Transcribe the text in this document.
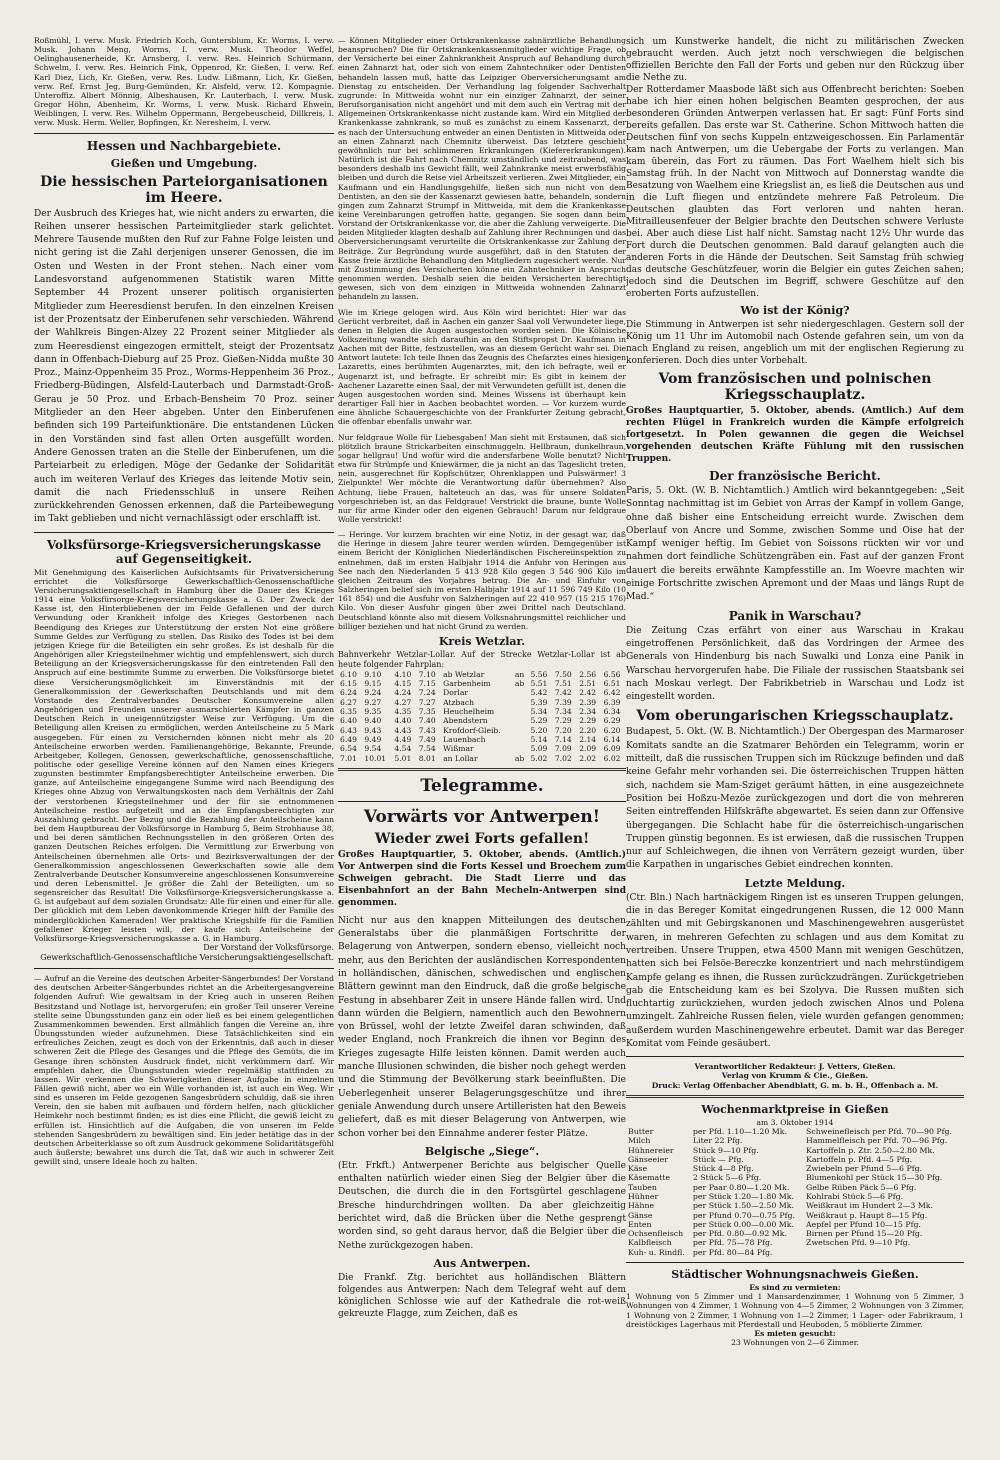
Roßmühl, I. verw. Musk. Friedrich Koch, Guntersblum, Kr. Worms, I. verw. Musk. Johann Meng, Worms, I. verw. Musk. Theodor Weffel, Oelinghausenerheide, Kr. Arnsberg, I. verw. Res. Heinrich Schürmann, Schwelm, I. verw. Res. Heinrich Fink, Oppenrod, Kr. Gießen, I. verw. Ref. Karl Diez, Lich, Kr. Gießen, verw. Res. Ludw. Lißmann, Lich, Kr. Gießen, verw. Ref. Ernst Jeg, Burg-Gemünden, Kr. Alsfeld, verw. 12. Kompagnie. Unteroffiz. Albert Mönnig, Albeshausen, Kr. Lauterbach, I. verw. Musk. Gregor Höhn, Abenheim, Kr. Worms, I. verw. Musk. Richard Ehwein, Weiblingen, I. verw. Res. Wilhelm Oppermann, Bergebeuscheid, Dillkreis, I. verw. Musk. Herm. Weller, Bopfingen, Kr. Neresheim, I. verw.

Hessen und Nachbargebiete.
Gießen und Umgebung.
Die hessischen Parteiorganisationen im Heere.

Der Ausbruch des Krieges hat, wie nicht anders zu erwarten, die Reihen unserer hessischen Parteimitglieder stark gelichtet. Mehrere Tausende mußten den Ruf zur Fahne Folge leisten und nicht gering ist die Zahl derjenigen unserer Genossen, die im Osten und Westen in der Front stehen. Nach einer vom Landesvorstand aufgenommenen Statistik waren Mitte September 44 Prozent unserer politisch organisierten Mitglieder zum Heeresdienst berufen. In den einzelnen Kreisen ist der Prozentsatz der Einberufenen sehr verschieden. Während der Wahlkreis Bingen-Alzey 22 Prozent seiner Mitglieder als zum Heeresdienst eingezogen ermittelt, steigt der Prozentsatz dann in Offenbach-Dieburg auf 25 Proz. Gießen-Nidda mußte 30 Proz., Mainz-Oppenheim 35 Proz., Worms-Heppenheim 36 Proz., Friedberg-Büdingen, Alsfeld-Lauterbach und Darmstadt-Groß-Gerau je 50 Proz. und Erbach-Bensheim 70 Proz. seiner Mitglieder an den Heer abgeben. Unter den Einberufenen befinden sich 199 Parteifunktionäre. Die entstandenen Lücken in den Vorständen sind fast allen Orten ausgefüllt worden. Andere Genossen traten an die Stelle der Einberufenen, um die Parteiarbeit zu erledigen. Möge der Gedanke der Solidarität auch im weiteren Verlauf des Krieges das leitende Motiv sein, damit die nach Friedensschluß in unsere Reihen zurückkehrenden Genossen erkennen, daß die Parteibewegung im Takt geblieben und nicht vernachlässigt oder erschlafft ist.

Volksfürsorge-Kriegsversicherungskasse auf Gegenseitigkeit.

Mit Genehmigung des Kaiserlichen Aufsichtsamts für Privatversicherung errichtet die Volksfürsorge Gewerkschaftlich-Genossenschaftliche Versicherungsaktiengesellschaft in Hamburg über die Dauer des Krieges 1914 eine Volksfürsorge-Kriegsversicherungskasse a. G. Der Zweck der Kasse ist, den Hinterbliebenen der im Felde Gefallenen und der durch Verwundung oder Krankheit infolge des Krieges Gestorbenen nach Beendigung des Krieges zur Unterstützung der ersten Not eine größere Summe Geldes zur Verfügung zu stellen. Das Risiko des Todes ist bei dem jetzigen Kriege für die Beteiligten ein sehr großes. Es ist deshalb für die Angehörigen aller Kriegsteilnehmer wichtig und empfehlenswert, sich durch Beteiligung an der Kriegsversicherungskasse für den eintretenden Fall den Anspruch auf eine bestimmte Summe zu erwerben. Die Volksfürsorge bietet diese Versicherungsmöglichkeit im Einverständnis mit der Generalkommission der Gewerkschaften Deutschlands und mit dem Vorstande des Zentralverbandes Deutscher Konsumvereine allen Angehörigen und Freunden unserer ausmarschierten Kämpfer in ganzen Deutschen Reich in uneigennützigster Weise zur Verfügung. Um die Beteiligung allen Kreisen zu ermöglichen, werden Anteilscheine zu 5 Mark ausgegeben. Für einen zu Versichernden können nicht mehr als 20 Anteilscheine erworben werden. Familienangehörige, Bekannte, Freunde, Arbeitgeber, Kollegen, Genossen, gewerkschaftliche, genossenschaftliche, politische oder gesellige Vereine können auf den Namen eines Kriegers zugunsten bestimmter Empfangsberechtigter Anteilscheine erwerben. Die ganze, auf Anteilscheine eingegangene Summe wird nach Beendigung des Krieges ohne Abzug von Verwaltungskosten nach dem Verhältnis der Zahl der verstorbenen Kriegsteilnehmer und der für sie entnommenen Anteilscheine restlos aufgeteilt und an die Empfangsberechtigten zur Auszahlung gebracht. Der Bezug und die Bezahlung der Anteilscheine kann bei dem Hauptbureau der Volksfürsorge in Hamburg 5, Beim Strohhause 38, und bei deren sämtlichen Rechnungsstellen in den größeren Orten des ganzen Deutschen Reiches erfolgen. Die Vermittlung zur Erwerbung von Anteilscheinen übernehmen alle Orts- und Bezirksverwaltungen der der Generalkommission angeschlossenen Gewerkschaften sowie alle dem Zentralverbande Deutscher Konsumvereine angeschlossenen Konsumvereine und deren Lebensmittel. Je größer die Zahl der Beteiligten, um so segensreicher das Resultat! Die Volksfürsorge-Kriegsversicherungskasse a. G. ist aufgebaut auf dem sozialen Grundsatz: Alle für einen und einer für alle. Der glücklich mit dem Leben davonkommende Krieger hilft der Familie des minderglücklichen Kameraden! Wer praktische Kriegshilfe für die Familien gefallener Krieger leisten will, der kaufe sich Anteilscheine der Volksfürsorge-Kriegsversicherungskasse a. G. in Hamburg.

Der Vorstand der Volksfürsorge.
Gewerkschaftlich-Genossenschaftliche Versicherungsaktiengesellschaft.

— Aufruf an die Vereine des deutschen Arbeiter-Sängerbundes! Der Vorstand des deutschen Arbeiter-Sängerbundes richtet an die Arbeitergesangvereine folgenden Aufruf: Wie gewaltsam in der Krieg auch in unseren Reihen Besitzstand und Notlage ist, hervorgerufen; ein großer Teil unserer Vereine stellte seine Übungsstunden ganz ein oder ließ es bei einem gelegentlichen Zusammenkommen bewenden. Erst allmählich fangen die Vereine an, ihre Übungsstunden wieder aufzunehmen. Diese Tatsächlichkeiten sind ein erfreuliches Zeichen, zeugt es doch von der Erkenntnis, daß auch in dieser schweren Zeit die Pflege des Gesanges und die Pflege des Gemüts, die im Gesange ihren schönsten Ausdruck findet, nicht verkümmern darf. Wir empfehlen daher, die Übungsstunden wieder regelmäßig stattfinden zu lassen. Wir verkennen die Schwierigkeiten dieser Aufgabe in einzelnen Fällen gewiß nicht, aber wo ein Wille vorhanden ist, ist auch ein Weg. Wir sind es unseren im Felde gezogenen Sangesbrüdern schuldig, daß sie ihren Verein, den sie haben mit aufbauen und fördern helfen, nach glücklicher Heimkehr noch bestimmt finden; es ist dies eine Pflicht, die gewiß leicht zu erfüllen ist. Hinsichtlich auf die Aufgaben, die von unseren im Felde stehenden Sangesbrüdern zu bewältigen sind. Ein jeder betätige das in der deutschen Arbeiterklasse so oft zum Ausdruck gekommene Solidaritätsgefühl auch äußerste; bewahret uns durch die Tat, daß wir auch in schwerer Zeit gewillt sind, unsere Ideale hoch zu halten.

— Können Mitglieder einer Ortskrankenkasse zahnärztliche Behandlung beanspruchen? Die für Ortskrankenkassenmitglieder wichtige Frage, ob der Versicherte bei einer Zahnkrankheit Anspruch auf Behandlung durch einen Zahnarzt hat, oder sich von einem Zahntechniker oder Dentisten behandeln lassen muß, hatte das Leipziger Oberversicherungsamt am Dienstag zu entscheiden. Der Verhandlung lag folgender Sachverhalt zugrunde: In Mittweida wohnt nur ein einziger Zahnarzt, der seiner Berufsorganisation nicht angehört und mit dem auch ein Vertrag mit der Allgemeinen Ortskrankenkasse nicht zustande kam. Wird ein Mitglied der Krankenkasse zahnkrank, so muß es zunächst zu einem Kassenarzt, der es nach der Untersuchung entweder an einen Dentisten in Mittweida oder an einen Zahnarzt nach Chemnitz überweist. Das letztere geschieht gewöhnlich nur bei schlimmeren Erkrankungen (Kiefererkrankungen). Natürlich ist die Fahrt nach Chemnitz umständlich und zeitraubend, was besonders deshalb ins Gewicht fällt, weil Zahnkranke meist erwerbsfähig bleiben und durch die Reise viel Arbeitszeit verlieren. Zwei Mitglieder, ein Kaufmann und ein Handlungsgehilfe, ließen sich nun nicht von dem Dentisten, an den sie der Kassenarzt gewiesen hatte, behandeln, sondern gingen zum Zahnarzt Strumpf in Mittweida, mit dem die Krankenkasse keine Vereinbarungen getroffen hatte, gegangen. Sie sogen dann beim Vorstand der Ortskrankenkasse vor, die aber die Zahlung verweigerte. Die beiden Mitglieder klagten deshalb auf Zahlung ihrer Rechnungen und das Oberversicherungsamt verurteilte die Ortskrankenkasse zur Zahlung der Beiträge. Zur Begründung wurde ausgeführt, daß in den Statuten der Kasse freie ärztliche Behandlung den Mitgliedern zugesichert werde. Nur mit Zustimmung des Versicherten könne ein Zahntechniker in Anspruch genommen werden. Deshalb seien die beiden Versicherten berechtigt gewesen, sich von dem einzigen in Mittweida wohnenden Zahnarzt behandeln zu lassen.

Wie im Kriege gelogen wird. Aus Köln wird berichtet: Hier war das Gerücht verbreitet, daß in Aachen ein ganzer Saal voll Verwundeter liege, denen in Belgien die Augen ausgestochen worden seien. Die Kölnische Volkszeitung wandte sich daraufhin an den Stiftspropst Dr. Kaufmann in Aachen mit der Bitte, festzustellen, was an diesem Gerücht wahr sei. Die Antwort lautete: Ich teile Ihnen das Zeugnis des Chefarztes eines hiesigen Lazaretts, eines berühmten Augenarztes, mit, den ich befragte, weil er Augenarzt ist, und befragte. Er schreibt mir: Es gibt in keinem der Aachener Lazarette einen Saal, der mit Verwundeten gefüllt ist, denen die Augen ausgestochen worden sind. Meines Wissens ist überhaupt kein derartiger Fall hier in Aachen beobachtet worden. — Vor kurzem wurde eine ähnliche Schauergeschichte von der Frankfurter Zeitung gebracht, die offenbar ebenfalls unwahr war.

Nur feldgraue Wolle für Liebesgaben! Man sieht mit Erstaunen, daß sich plötzlich braune Strickarbeiten einschmuggeln. Hellbraun, dunkelbraun, sogar hellgrau! Und wofür wird die andersfarbene Wolle benutzt? Nicht etwa für Strümpfe und Kniewärmer, die ja nicht an das Tageslicht treten, nein, ausgerechnet für Kopfschützer, Ohrenklappen und Pulswärmer! 3 Zielpunkte! Wer möchte die Verantwortung dafür übernehmen? Also Achtung, liebe Frauen, halteteuch an das, was für unsere Soldaten vorgeschrieben ist, an das Feldgraue! Verstrickt die braune, bunte Wolle nur für arme Kinder oder den eigenen Gebrauch! Darum nur feldgraue Wolle verstrickt!

— Heringe. Vor kurzem brachten wir eine Notiz, in der gesagt war, daß die Heringe in diesem Jahre teurer werden würden. Demgegenüber ist einem Bericht der Königlichen Niederländischen Fischereiinspektion zu entnehmen, daß im ersten Halbjahr 1914 die Anfuhr von Heringen aus See nach den Niederlanden 5 413 928 Kilo gegen 3 546 906 Kilo im gleichen Zeitraum des Vorjahres betrug. Die An- und Einfuhr von Salzheringen belief sich im ersten Halbjahr 1914 auf 11 596 749 Kilo (10 161 854) und die Ausfuhr von Salzheringen auf 22 410 957 (15 215 176) Kilo. Von dieser Ausfuhr gingen über zwei Drittel nach Deutschland. Deutschland könnte also mit diesem Volksnahrungsmittel reichlicher und billiger beziehen und hat nicht Grund zu werden.

Kreis Wetzlar.

Bahnverkehr Wetzlar-Lollar. Auf der Strecke Wetzlar-Lollar ist ab heute folgender Fahrplan:

6.10	9.10	4.10	7.10	ab Wetzlar	an	5.56	7.50	2.56	6.56
6.15	9.15	4.15	7.15	Garbenheim	ab	5.51	7.51	2.51	6.51
6.24	9.24	4.24	7.24	Dorlar		5.42	7.42	2.42	6.42
6.27	9.27	4.27	7.27	Atzbach		5.39	7.39	2.39	6.39
6.35	9.35	4.35	7.35	Heuchelheim		5.34	7.34	2.34	6.34
6.40	9.40	4.40	7.40	Abendstern		5.29	7.29	2.29	6.29
6.43	9.43	4.43	7.43	Krofdorf-Gleib.		5.20	7.20	2.20	6.20
6.49	9.49	4.49	7.49	Lauenbach		5.14	7.14	2.14	6.14
6.54	9.54	4.54	7.54	Wißmar		5.09	7.09	2.09	6.09
7.01	10.01	5.01	8.01	an Lollar	ab	5.02	7.02	2.02	6.02
Telegramme.
Vorwärts vor Antwerpen!
Wieder zwei Forts gefallen!

Großes Hauptquartier, 5. Oktober, abends. (Amtlich.) Vor Antwerpen sind die Forts Kessel und Broechem zum Schweigen gebracht. Die Stadt Lierre und das Eisenbahnfort an der Bahn Mecheln-Antwerpen sind genommen.

Nicht nur aus den knappen Mitteilungen des deutschen Generalstabs über die planmäßigen Fortschritte der Belagerung von Antwerpen, sondern ebenso, vielleicht noch mehr, aus den Berichten der ausländischen Korrespondenten in holländischen, dänischen, schwedischen und englischen Blättern gewinnt man den Eindruck, daß die große belgische Festung in absehbarer Zeit in unsere Hände fallen wird. Und dann würden die Belgiern, namentlich auch den Bewohnern von Brüssel, wohl der letzte Zweifel daran schwinden, daß weder England, noch Frankreich die ihnen vor Beginn des Krieges zugesagte Hilfe leisten können. Damit werden auch manche Illusionen schwinden, die bisher noch gehegt werden und die Stimmung der Bevölkerung stark beeinflußten. Die Ueberlegenheit unserer Belagerungsgeschütze und ihrer geniale Anwendung durch unsere Artilleristen hat den Beweis geliefert, daß es mit dieser Belagerung von Antwerpen, wie schon vorher bei den Einnahme anderer fester Plätze.

Belgische „Siege“.

(Etr. Frkft.) Antwerpener Berichte aus belgischer Quelle enthalten natürlich wieder einen Sieg der Belgier über die Deutschen, die durch die in den Fortsgürtel geschlagene Bresche hindurchdringen wollten. Da aber gleichzeitig berichtet wird, daß die Brücken über die Nethe gesprengt worden sind, so geht daraus hervor, daß die Belgier über die Nethe zurückgezogen haben.

Aus Antwerpen.

Die Frankf. Ztg. berichtet aus holländischen Blättern folgendes aus Antwerpen: Nach dem Telegraf weht auf dem königlichen Schlosse wie auf der Kathedrale die rot-weiß gekreuzte Flagge, zum Zeichen, daß es

sich um Kunstwerke handelt, die nicht zu militärischen Zwecken gebraucht werden. Auch jetzt noch verschwiegen die belgischen offiziellen Berichte den Fall der Forts und geben nur den Rückzug über die Nethe zu.

Der Rotterdamer Maasbode läßt sich aus Offenbrecht berichten: Soeben habe ich hier einen hohen belgischen Beamten gesprochen, der aus besonderen Gründen Antwerpen verlassen hat. Er sagt: Fünf Forts sind bereits gefallen. Das erste war St. Catherine. Schon Mittwoch hatten die Deutschen fünf von sechs Kuppeln entzweigeschossen. Ein Parlamentär kam nach Antwerpen, um die Uebergabe der Forts zu verlangen. Man kam überein, das Fort zu räumen. Das Fort Waelhem hielt sich bis Samstag früh. In der Nacht von Mittwoch auf Donnerstag wandte die Besatzung von Waelhem eine Kriegslist an, es ließ die Deutschen aus und in die Luft fliegen und entzündete mehrere Faß Petroleum. Die Deutschen glaubten das Fort verloren und nahten heran. Mitrailleusenfeuer der Belgier brachte den Deutschen schwere Verluste bei. Aber auch diese List half nicht. Samstag nacht 12½ Uhr wurde das Fort durch die Deutschen genommen. Bald darauf gelangten auch die anderen Forts in die Hände der Deutschen. Seit Samstag früh schwieg das deutsche Geschützfeuer, worin die Belgier ein gutes Zeichen sahen; jedoch sind die Deutschen im Begriff, schwere Geschütze auf den eroberten Forts aufzustellen.

Wo ist der König?

Die Stimmung in Antwerpen ist sehr niedergeschlagen. Gestern soll der König um 11 Uhr im Automobil nach Ostende gefahren sein, um von da nach England zu reisen, angeblich um mit der englischen Regierung zu konferieren. Doch dies unter Vorbehalt.

Vom französischen und polnischen Kriegsschauplatz.

Großes Hauptquartier, 5. Oktober, abends. (Amtlich.) Auf dem rechten Flügel in Frankreich wurden die Kämpfe erfolgreich fortgesetzt. In Polen gewannen die gegen die Weichsel vorgehenden deutschen Kräfte Fühlung mit den russischen Truppen.

Der französische Bericht.

Paris, 5. Okt. (W. B. Nichtamtlich.) Amtlich wird bekanntgegeben: „Seit Sonntag nachmittag ist im Gebiet von Arras der Kampf in vollem Gange, ohne daß bisher eine Entscheidung erreicht wurde. Zwischen dem Oberlauf von Ancre und Somme, zwischen Somme und Oise hat der Kampf weniger heftig. Im Gebiet von Soissons rückten wir vor und nahmen dort feindliche Schützengräben ein. Fast auf der ganzen Front dauert die bereits erwähnte Kampfesstille an. Im Woevre machten wir einige Fortschritte zwischen Apremont und der Maas und längs Rupt de Mad.“

Panik in Warschau?

Die Zeitung Czas erfährt von einer aus Warschau in Krakau eingetroffenen Persönlichkeit, daß das Vordringen der Armee des Generals von Hindenburg bis nach Suwalki und Lonza eine Panik in Warschau hervorgerufen habe. Die Filiale der russischen Staatsbank sei nach Moskau verlegt. Der Fabrikbetrieb in Warschau und Lodz ist eingestellt worden.

Vom oberungarischen Kriegsschauplatz.

Budapest, 5. Okt. (W. B. Nichtamtlich.) Der Obergespan des Marmaroser Komitats sandte an die Szatmarer Behörden ein Telegramm, worin er mitteilt, daß die russischen Truppen sich im Rückzuge befinden und daß keine Gefahr mehr vorhanden sei. Die österreichischen Truppen hätten sich, nachdem sie Mam-Sziget geräumt hätten, in eine ausgezeichnete Position bei Hoßzu-Mezöe zurückgezogen und dort die von mehreren Seiten eintreffenden Hilfskräfte abgewartet. Es seien dann zur Offensive übergegangen. Die Schlacht habe für die österreichisch-ungarischen Truppen günstig begonnen. Es ist erwiesen, daß die russischen Truppen nur auf Schleichwegen, die ihnen von Verrätern gezeigt wurden, über die Karpathen in ungarisches Gebiet eindrechen konnten.

Letzte Meldung.

(Ctr. Bln.) Nach hartnäckigem Ringen ist es unseren Truppen gelungen, die in das Bereger Komitat eingedrungenen Russen, die 12 000 Mann zählten und mit Gebirgskanonen und Maschinengewehren ausgerüstet waren, in mehreren Gefechten zu schlagen und aus dem Komitat zu vertreiben. Unsere Truppen, etwa 4500 Mann mit wenigen Geschützen, hatten sich bei Felsöe-Bereczke konzentriert und nach mehrstündigem Kampfe gelang es ihnen, die Russen zurückzudrängen. Zurückgetrieben gab die Entscheidung kam es bei Szolyva. Die Russen mußten sich fluchtartig zurückziehen, wurden jedoch zwischen Alnos und Polena umzingelt. Zahlreiche Russen fielen, viele wurden gefangen genommen; außerdem wurden Maschinengewehre erbeutet. Damit war das Bereger Komitat vom Feinde gesäubert.

Verantwortlicher Redakteur: J. Vetters, Gießen.
Verlag von Krumm & Cie., Gießen.
Druck: Verlag Offenbacher Abendblatt, G. m. b. H., Offenbach a. M.
Wochenmarktpreise in Gießen
am 3. Oktober 1914
Butter	per Pfd. 1.10—1.20 Mk.	Schweinefleisch per Pfd. 70—90 Pfg.
Milch	Liter 22 Pfg.	Hammelfleisch per Pfd. 70—96 Pfg.
Hühnereier	Stück 9—10 Pfg.	Kartoffeln p. Ztr. 2.50—2.80 Mk.
Gänseeier	Stück — Pfg.	Kartoffeln p. Pfd. 4—5 Pfg.
Käse	Stück 4—8 Pfg.	Zwiebeln per Pfund 5—6 Pfg.
Käsematte	2 Stück 5—6 Pfg.	Blumenkohl per Stück 15—30 Pfg.
Tauben	per Paar 0.80—1.20 Mk.	Gelbe Rüben Päck 5—6 Pfg.
Hühner	per Stück 1.20—1.80 Mk.	Kohlrabi Stück 5—6 Pfg.
Hähne	per Stück 1.50—2.50 Mk.	Weißkraut im Hundert 2—3 Mk.
Gänse	per Pfund 0.70—0.75 Pfg.	Weißkraut p. Haupt 8—15 Pfg.
Enten	per Stück 0.00—0.00 Mk.	Aepfel per Pfund 10—15 Pfg.
Ochsenfleisch	per Pfd. 0.80—0.92 Mk.	Birnen per Pfund 15—20 Pfg.
Kalbfleisch	per Pfd. 75—78 Pfg.	Zwetschen Pfd. 9—10 Pfg.
Kuh- u. Rindfl.	per Pfd. 80—84 Pfg.	
Städtischer Wohnungsnachweis Gießen.
Es sind zu vermieten:

1 Wohnung von 5 Zimmer und 1 Mansardenzimmer, 1 Wohnung von 5 Zimmer, 3 Wohnungen von 4 Zimmer, 1 Wohnung von 4—5 Zimmer, 2 Wohnungen von 3 Zimmer, 1 Wohnung von 2 Zimmer, 1 Wohnung von 1—2 Zimmer, 1 Lager- oder Fabrikraum, 1 dreistöckiges Lagerhaus mit Pferdestall und Heuboden, 5 möblierte Zimmer.

Es mieten gesucht:
23 Wohnungen von 2—6 Zimmer.
